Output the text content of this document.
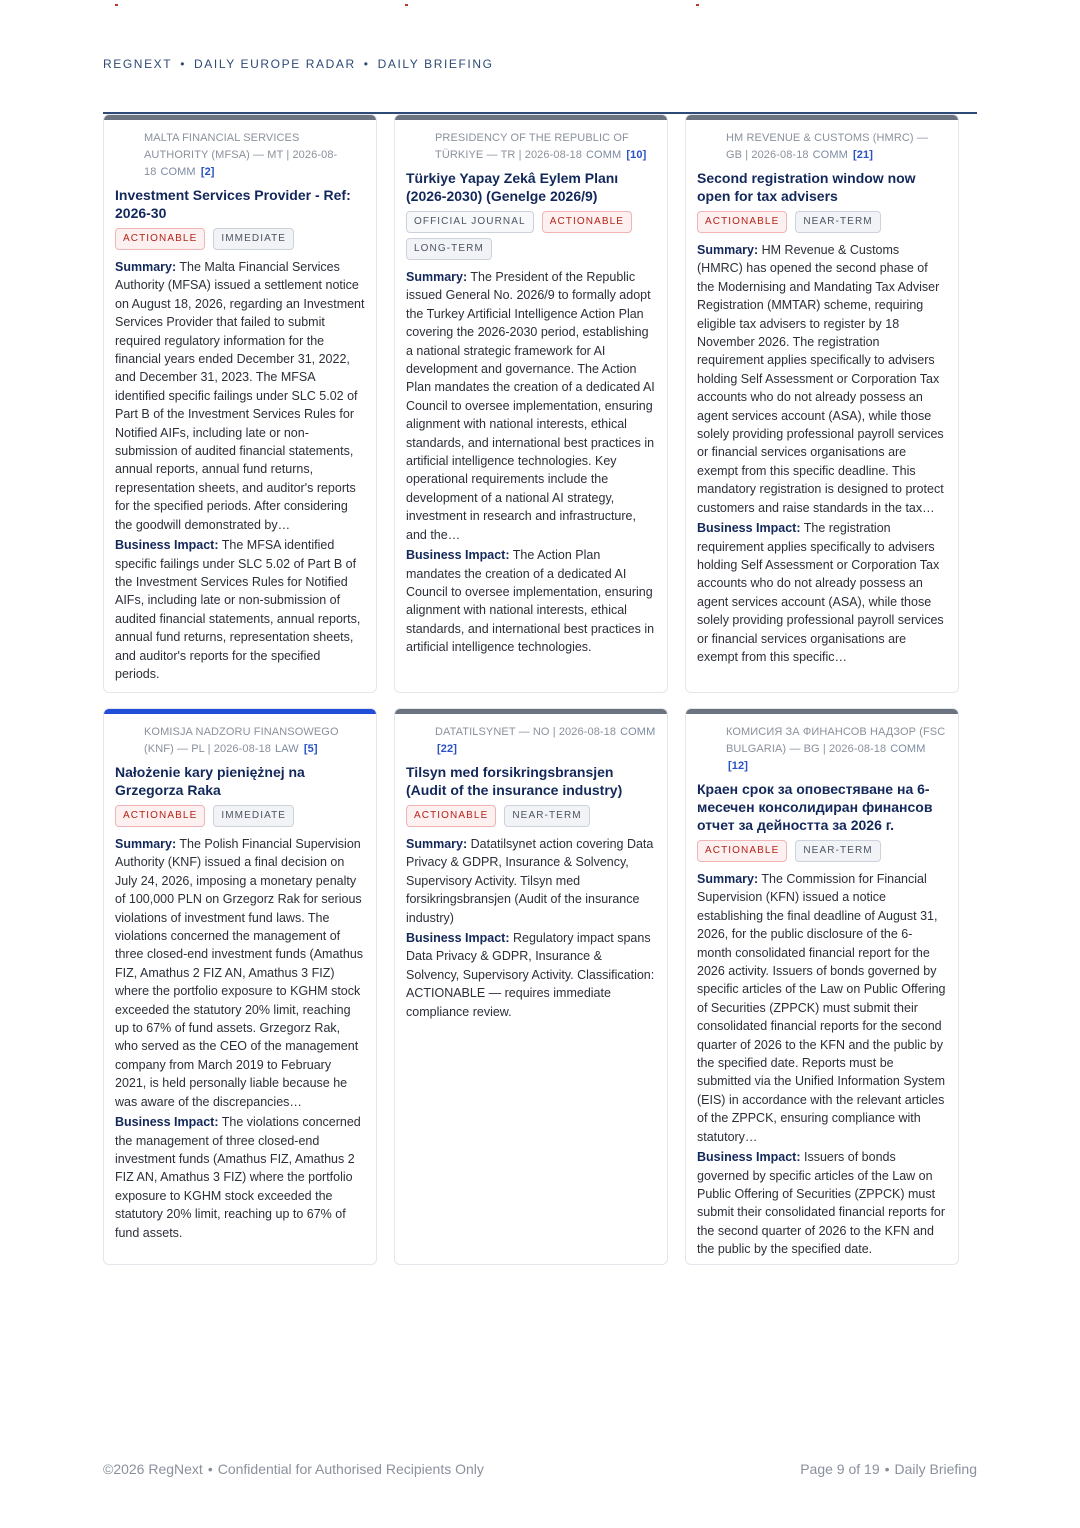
REGNEXT • DAILY EUROPE RADAR • DAILY BRIEFING
MALTA FINANCIAL SERVICES AUTHORITY (MFSA) — MT | 2026-08-18 COMM [2]
Investment Services Provider - Ref: 2026-30
ACTIONABLE	IMMEDIATE
Summary: The Malta Financial Services Authority (MFSA) issued a settlement notice on August 18, 2026, regarding an Investment Services Provider that failed to submit required regulatory information for the financial years ended December 31, 2022, and December 31, 2023. The MFSA identified specific failings under SLC 5.02 of Part B of the Investment Services Rules for Notified AIFs, including late or non-submission of audited financial statements, annual reports, annual fund returns, representation sheets, and auditor's reports for the specified periods. After considering the goodwill demonstrated by…
Business Impact: The MFSA identified specific failings under SLC 5.02 of Part B of the Investment Services Rules for Notified AIFs, including late or non-submission of audited financial statements, annual reports, annual fund returns, representation sheets, and auditor's reports for the specified periods.
PRESIDENCY OF THE REPUBLIC OF TÜRKIYE — TR | 2026-08-18 COMM [10]
Türkiye Yapay Zekâ Eylem Planı (2026-2030) (Genelge 2026/9)
OFFICIAL JOURNAL	ACTIONABLE
LONG-TERM
Summary: The President of the Republic issued General No. 2026/9 to formally adopt the Turkey Artificial Intelligence Action Plan covering the 2026-2030 period, establishing a national strategic framework for AI development and governance. The Action Plan mandates the creation of a dedicated AI Council to oversee implementation, ensuring alignment with national interests, ethical standards, and international best practices in artificial intelligence technologies. Key operational requirements include the development of a national AI strategy, investment in research and infrastructure, and the…
Business Impact: The Action Plan mandates the creation of a dedicated AI Council to oversee implementation, ensuring alignment with national interests, ethical standards, and international best practices in artificial intelligence technologies.
HM REVENUE & CUSTOMS (HMRC) — GB | 2026-08-18 COMM [21]
Second registration window now open for tax advisers
ACTIONABLE	NEAR-TERM
Summary: HM Revenue & Customs (HMRC) has opened the second phase of the Modernising and Mandating Tax Adviser Registration (MMTAR) scheme, requiring eligible tax advisers to register by 18 November 2026. The registration requirement applies specifically to advisers holding Self Assessment or Corporation Tax accounts who do not already possess an agent services account (ASA), while those solely providing professional payroll services or financial services organisations are exempt from this specific deadline. This mandatory registration is designed to protect customers and raise standards in the tax…
Business Impact: The registration requirement applies specifically to advisers holding Self Assessment or Corporation Tax accounts who do not already possess an agent services account (ASA), while those solely providing professional payroll services or financial services organisations are exempt from this specific…
KOMISJA NADZORU FINANSOWEGO (KNF) — PL | 2026-08-18 LAW [5]
Nałożenie kary pieniężnej na Grzegorza Raka
ACTIONABLE	IMMEDIATE
Summary: The Polish Financial Supervision Authority (KNF) issued a final decision on July 24, 2026, imposing a monetary penalty of 100,000 PLN on Grzegorz Rak for serious violations of investment fund laws. The violations concerned the management of three closed-end investment funds (Amathus FIZ, Amathus 2 FIZ AN, Amathus 3 FIZ) where the portfolio exposure to KGHM stock exceeded the statutory 20% limit, reaching up to 67% of fund assets. Grzegorz Rak, who served as the CEO of the management company from March 2019 to February 2021, is held personally liable because he was aware of the discrepancies…
Business Impact: The violations concerned the management of three closed-end investment funds (Amathus FIZ, Amathus 2 FIZ AN, Amathus 3 FIZ) where the portfolio exposure to KGHM stock exceeded the statutory 20% limit, reaching up to 67% of fund assets.
DATATILSYNET — NO | 2026-08-18 COMM [22]
Tilsyn med forsikringsbransjen (Audit of the insurance industry)
ACTIONABLE	NEAR-TERM
Summary: Datatilsynet action covering Data Privacy & GDPR, Insurance & Solvency, Supervisory Activity. Tilsyn med forsikringsbransjen (Audit of the insurance industry)
Business Impact: Regulatory impact spans Data Privacy & GDPR, Insurance & Solvency, Supervisory Activity. Classification: ACTIONABLE — requires immediate compliance review.
КОМИСИЯ ЗА ФИНАНСОВ НАДЗОР (FSC BULGARIA) — BG | 2026-08-18 COMM [12]
Краен срок за оповестяване на 6-месечен консолидиран финансов отчет за дейността за 2026 г.
ACTIONABLE	NEAR-TERM
Summary: The Commission for Financial Supervision (KFN) issued a notice establishing the final deadline of August 31, 2026, for the public disclosure of the 6-month consolidated financial report for the 2026 activity. Issuers of bonds governed by specific articles of the Law on Public Offering of Securities (ZPPCK) must submit their consolidated financial reports for the second quarter of 2026 to the KFN and the public by the specified date. Reports must be submitted via the Unified Information System (EIS) in accordance with the relevant articles of the ZPPCK, ensuring compliance with statutory…
Business Impact: Issuers of bonds governed by specific articles of the Law on Public Offering of Securities (ZPPCK) must submit their consolidated financial reports for the second quarter of 2026 to the KFN and the public by the specified date.
©2026 RegNext • Confidential for Authorised Recipients Only	Page 9 of 19 • Daily Briefing
